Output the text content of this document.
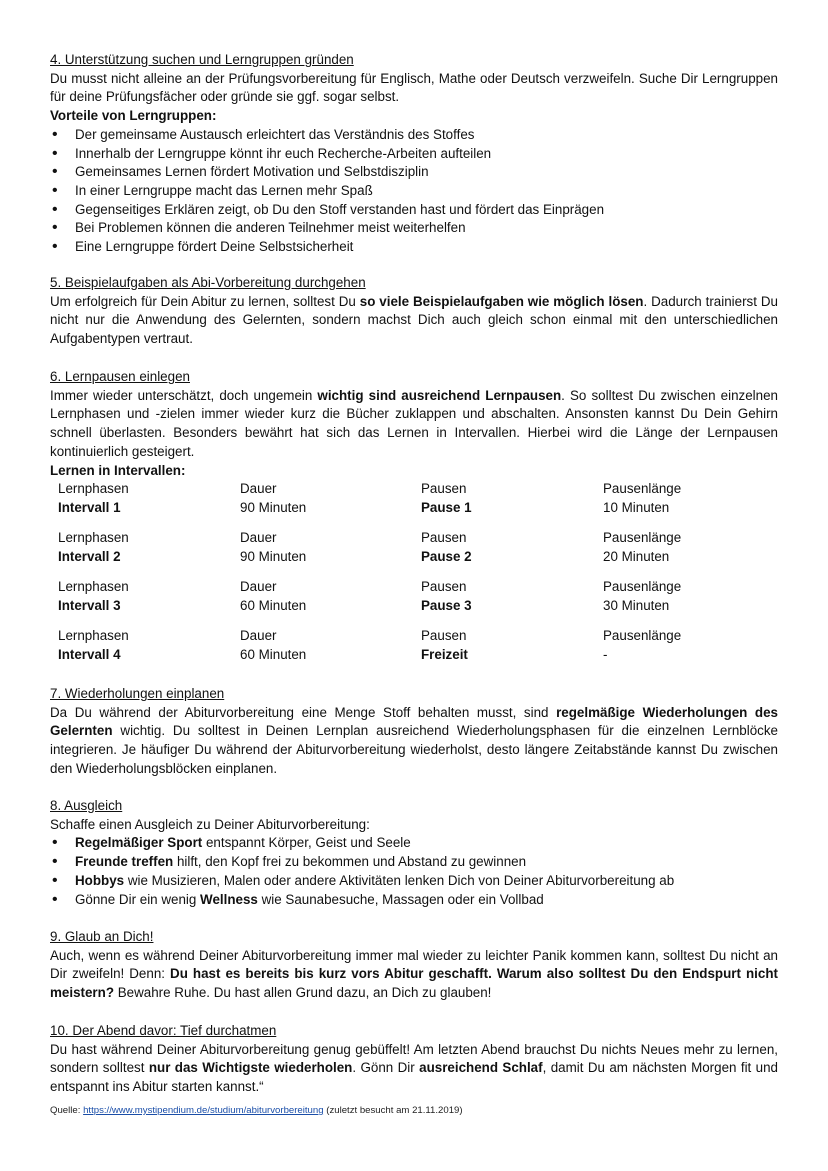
4. Unterstützung suchen und Lerngruppen gründen
Du musst nicht alleine an der Prüfungsvorbereitung für Englisch, Mathe oder Deutsch verzweifeln. Suche Dir Lerngruppen für deine Prüfungsfächer oder gründe sie ggf. sogar selbst.
Vorteile von Lerngruppen:
• Der gemeinsame Austausch erleichtert das Verständnis des Stoffes
• Innerhalb der Lerngruppe könnt ihr euch Recherche-Arbeiten aufteilen
• Gemeinsames Lernen fördert Motivation und Selbstdisziplin
• In einer Lerngruppe macht das Lernen mehr Spaß
• Gegenseitiges Erklären zeigt, ob Du den Stoff verstanden hast und fördert das Einprägen
• Bei Problemen können die anderen Teilnehmer meist weiterhelfen
• Eine Lerngruppe fördert Deine Selbstsicherheit
5. Beispielaufgaben als Abi-Vorbereitung durchgehen
Um erfolgreich für Dein Abitur zu lernen, solltest Du so viele Beispielaufgaben wie möglich lösen. Dadurch trainierst Du nicht nur die Anwendung des Gelernten, sondern machst Dich auch gleich schon einmal mit den unterschiedlichen Aufgabentypen vertraut.
6. Lernpausen einlegen
Immer wieder unterschätzt, doch ungemein wichtig sind ausreichend Lernpausen. So solltest Du zwischen einzelnen Lernphasen und -zielen immer wieder kurz die Bücher zuklappen und abschalten. Ansonsten kannst Du Dein Gehirn schnell überlasten. Besonders bewährt hat sich das Lernen in Intervallen. Hierbei wird die Länge der Lernpausen kontinuierlich gesteigert.
Lernen in Intervallen:
Lernphasen
Intervall 1
Dauer
90 Minuten
Pausen
Pause 1
Pausenlänge
10 Minuten
Lernphasen
Intervall 2
Dauer
90 Minuten
Pausen
Pause 2
Pausenlänge
20 Minuten
Lernphasen
Intervall 3
Dauer
60 Minuten
Pausen
Pause 3
Pausenlänge
30 Minuten
Lernphasen
Intervall 4
Dauer
60 Minuten
Pausen
Freizeit
Pausenlänge
-
7. Wiederholungen einplanen
Da Du während der Abiturvorbereitung eine Menge Stoff behalten musst, sind regelmäßige Wiederholungen des Gelernten wichtig. Du solltest in Deinen Lernplan ausreichend Wiederholungsphasen für die einzelnen Lernblöcke integrieren. Je häufiger Du während der Abiturvorbereitung wiederholst, desto längere Zeitabstände kannst Du zwischen den Wiederholungsblöcken einplanen.
8. Ausgleich
Schaffe einen Ausgleich zu Deiner Abiturvorbereitung:
• Regelmäßiger Sport entspannt Körper, Geist und Seele
• Freunde treffen hilft, den Kopf frei zu bekommen und Abstand zu gewinnen
• Hobbys wie Musizieren, Malen oder andere Aktivitäten lenken Dich von Deiner Abiturvorbereitung ab
• Gönne Dir ein wenig Wellness wie Saunabesuche, Massagen oder ein Vollbad
9. Glaub an Dich!
Auch, wenn es während Deiner Abiturvorbereitung immer mal wieder zu leichter Panik kommen kann, solltest Du nicht an Dir zweifeln! Denn: Du hast es bereits bis kurz vors Abitur geschafft. Warum also solltest Du den Endspurt nicht meistern? Bewahre Ruhe. Du hast allen Grund dazu, an Dich zu glauben!
10. Der Abend davor: Tief durchatmen
Du hast während Deiner Abiturvorbereitung genug gebüffelt! Am letzten Abend brauchst Du nichts Neues mehr zu lernen, sondern solltest nur das Wichtigste wiederholen. Gönn Dir ausreichend Schlaf, damit Du am nächsten Morgen fit und entspannt ins Abitur starten kannst.“
Quelle: https://www.mystipendium.de/studium/abiturvorbereitung (zuletzt besucht am 21.11.2019)
